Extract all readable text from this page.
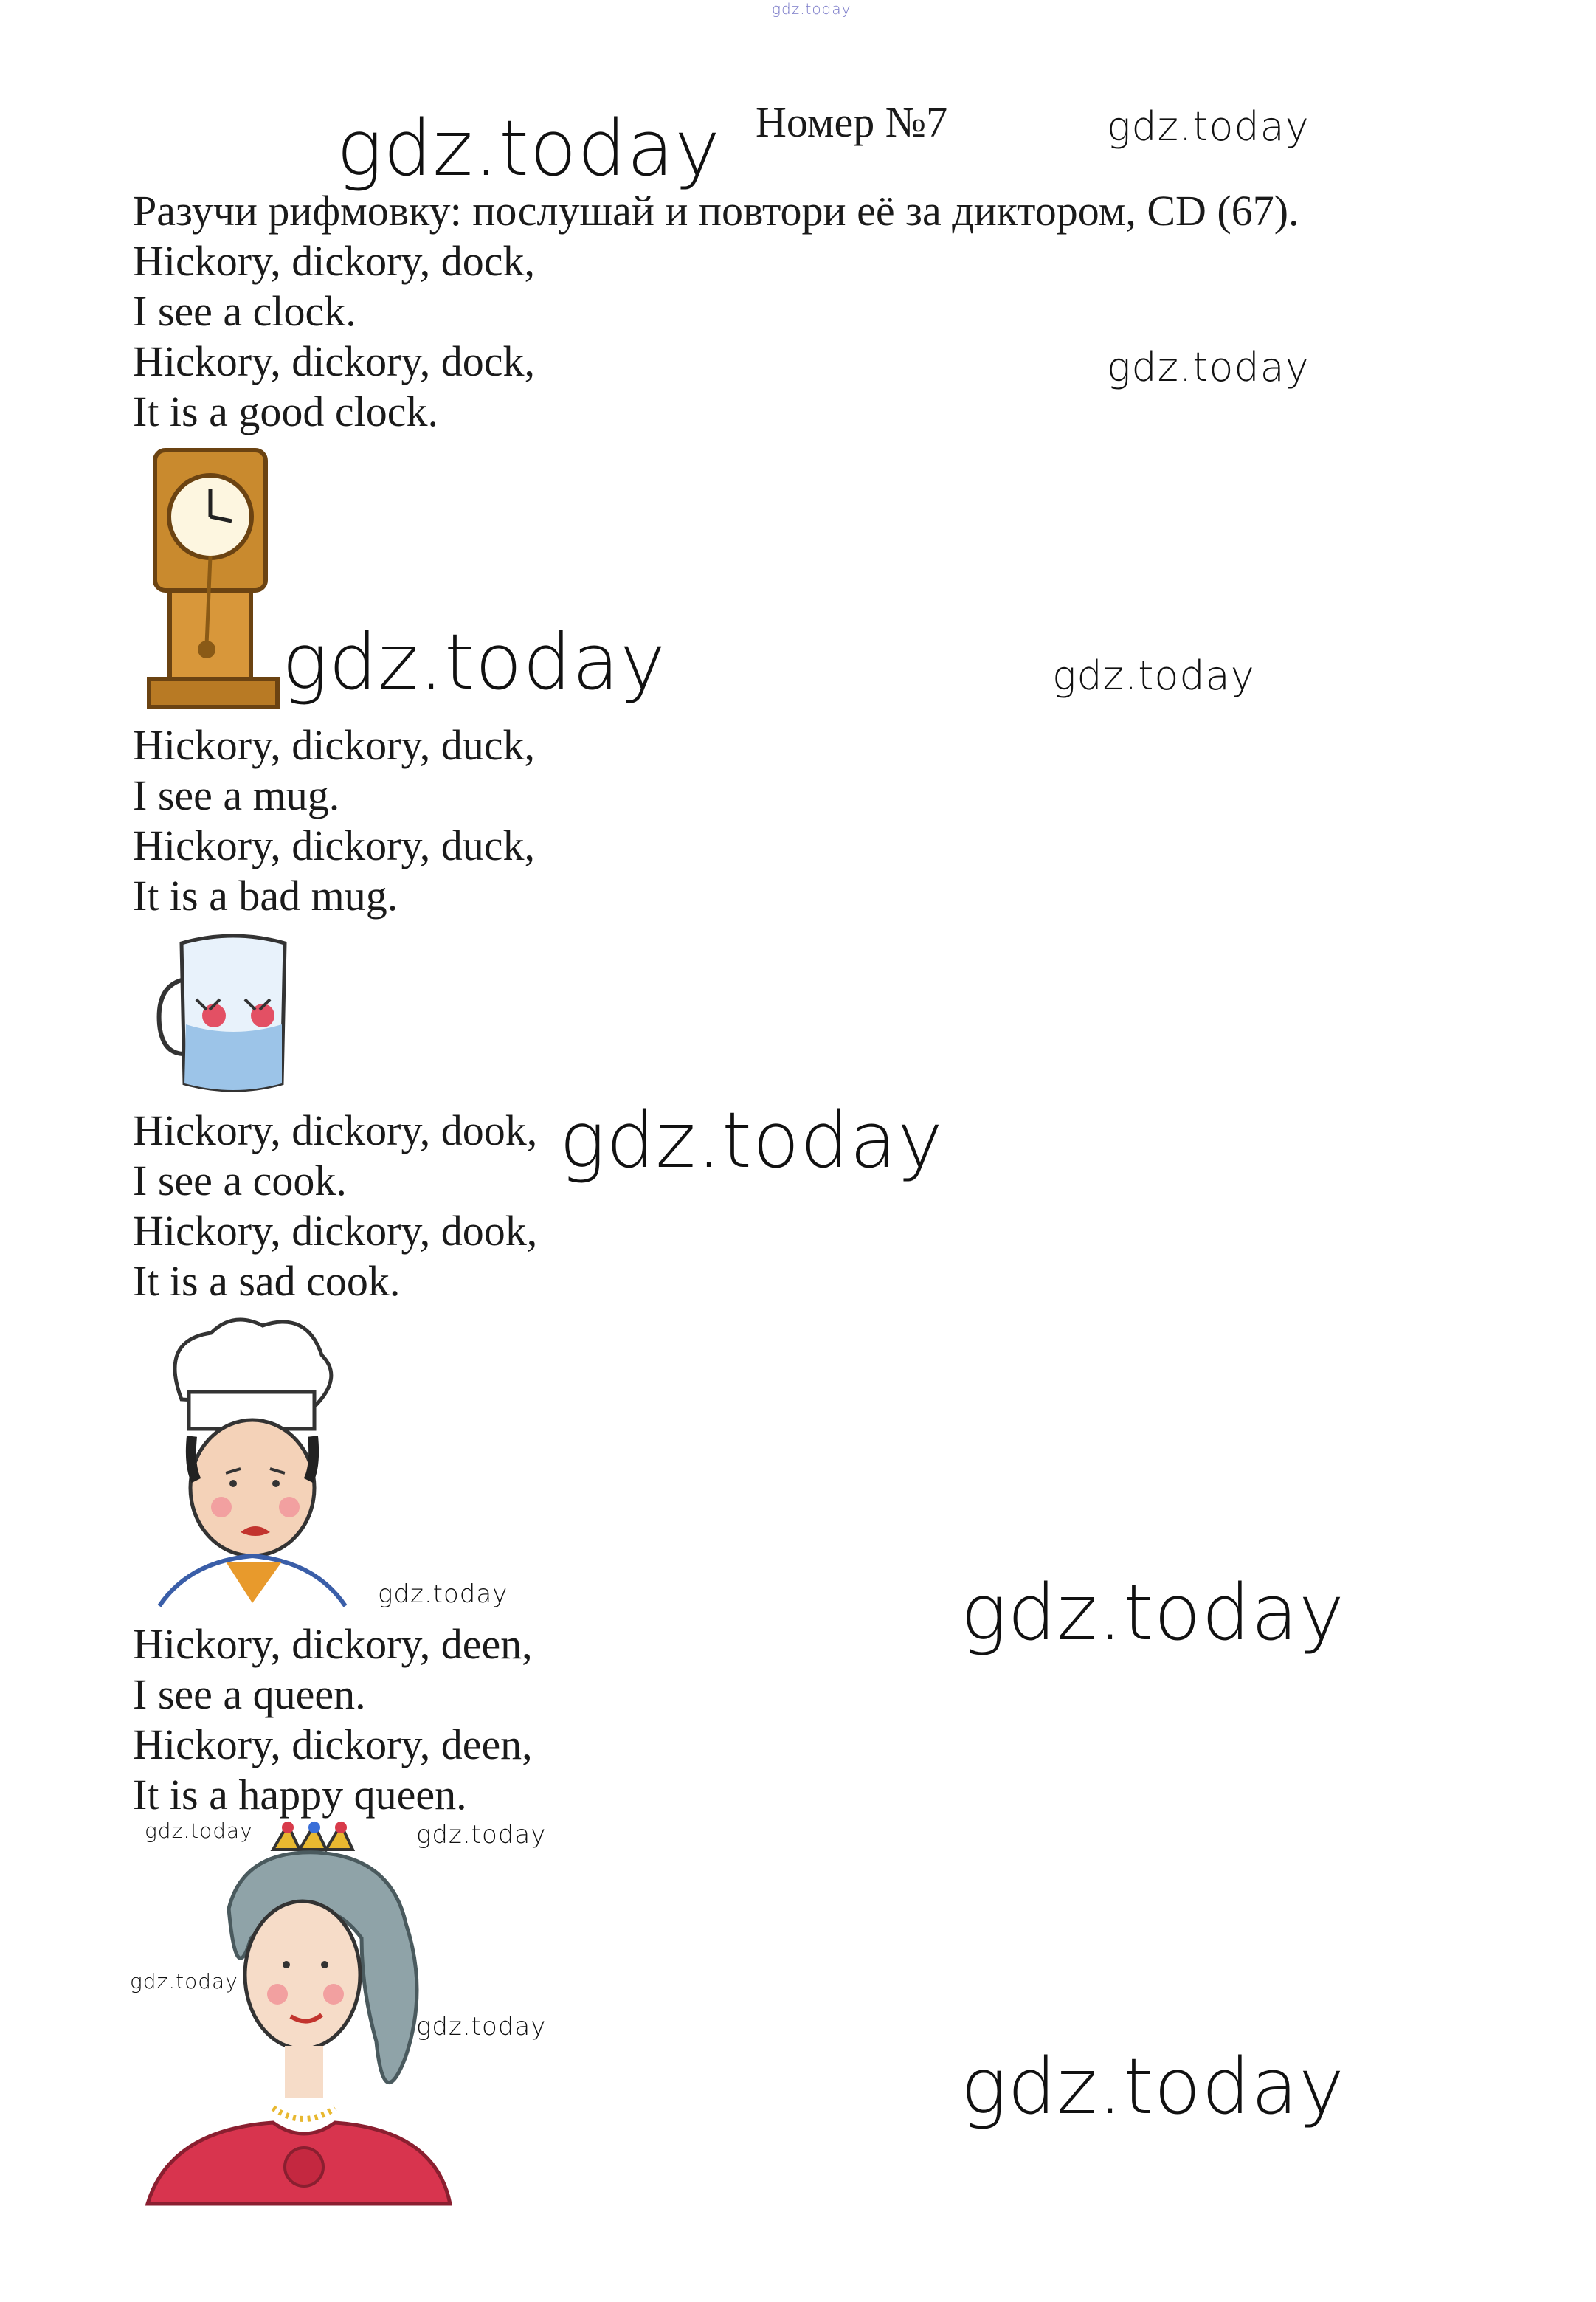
gdz.today
gdz.today	gdz.today
gdz.today
gdz.today	gdz.today
gdz.today
gdz.today	gdz.today
gdz.today	gdz.today
gdz.today
gdz.today
gdz.today
Номер №7
Разучи рифмовку: послушай и повтори её за диктором, CD (67).
Hickory, dickory, dock,
I see a clock.
Hickory, dickory, dock,
It is a good clock.
Hickory, dickory, duck,
I see a mug.
Hickory, dickory, duck,
It is a bad mug.
Hickory, dickory, dook,
I see a cook.
Hickory, dickory, dook,
It is a sad cook.
Hickory, dickory, deen,
I see a queen.
Hickory, dickory, deen,
It is a happy queen.
